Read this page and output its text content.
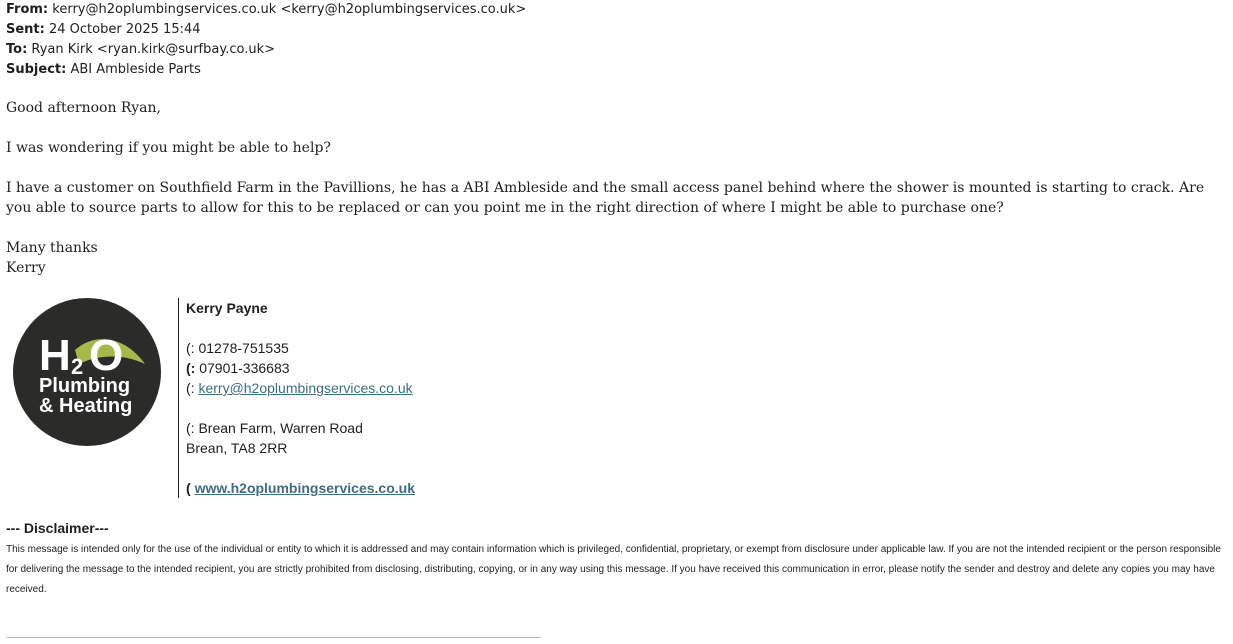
From: kerry@h2oplumbingservices.co.uk <kerry@h2oplumbingservices.co.uk>
Sent: 24 October 2025 15:44
To: Ryan Kirk <ryan.kirk@surfbay.co.uk>
Subject: ABI Ambleside Parts

Good afternoon Ryan,

I was wondering if you might be able to help?

I have a customer on Southfield Farm in the Pavillions, he has a ABI Ambleside and the small access panel behind where the shower is mounted is starting to crack. Are you able to source parts to allow for this to be replaced or can you point me in the right direction of where I might be able to purchase one?

Many thanks

Kerry

H 2 O
Plumbing
& Heating
Kerry Payne
(: 01278-751535
(: 07901-336683
(: kerry@h2oplumbingservices.co.uk
(: Brean Farm, Warren Road
Brean, TA8 2RR
( www.h2oplumbingservices.co.uk
--- Disclaimer---
This message is intended only for the use of the individual or entity to which it is addressed and may contain information which is privileged, confidential, proprietary, or exempt from disclosure under applicable law. If you are not the intended recipient or the person responsible for delivering the message to the intended recipient, you are strictly prohibited from disclosing, distributing, copying, or in any way using this message. If you have received this communication in error, please notify the sender and destroy and delete any copies you may have received.
